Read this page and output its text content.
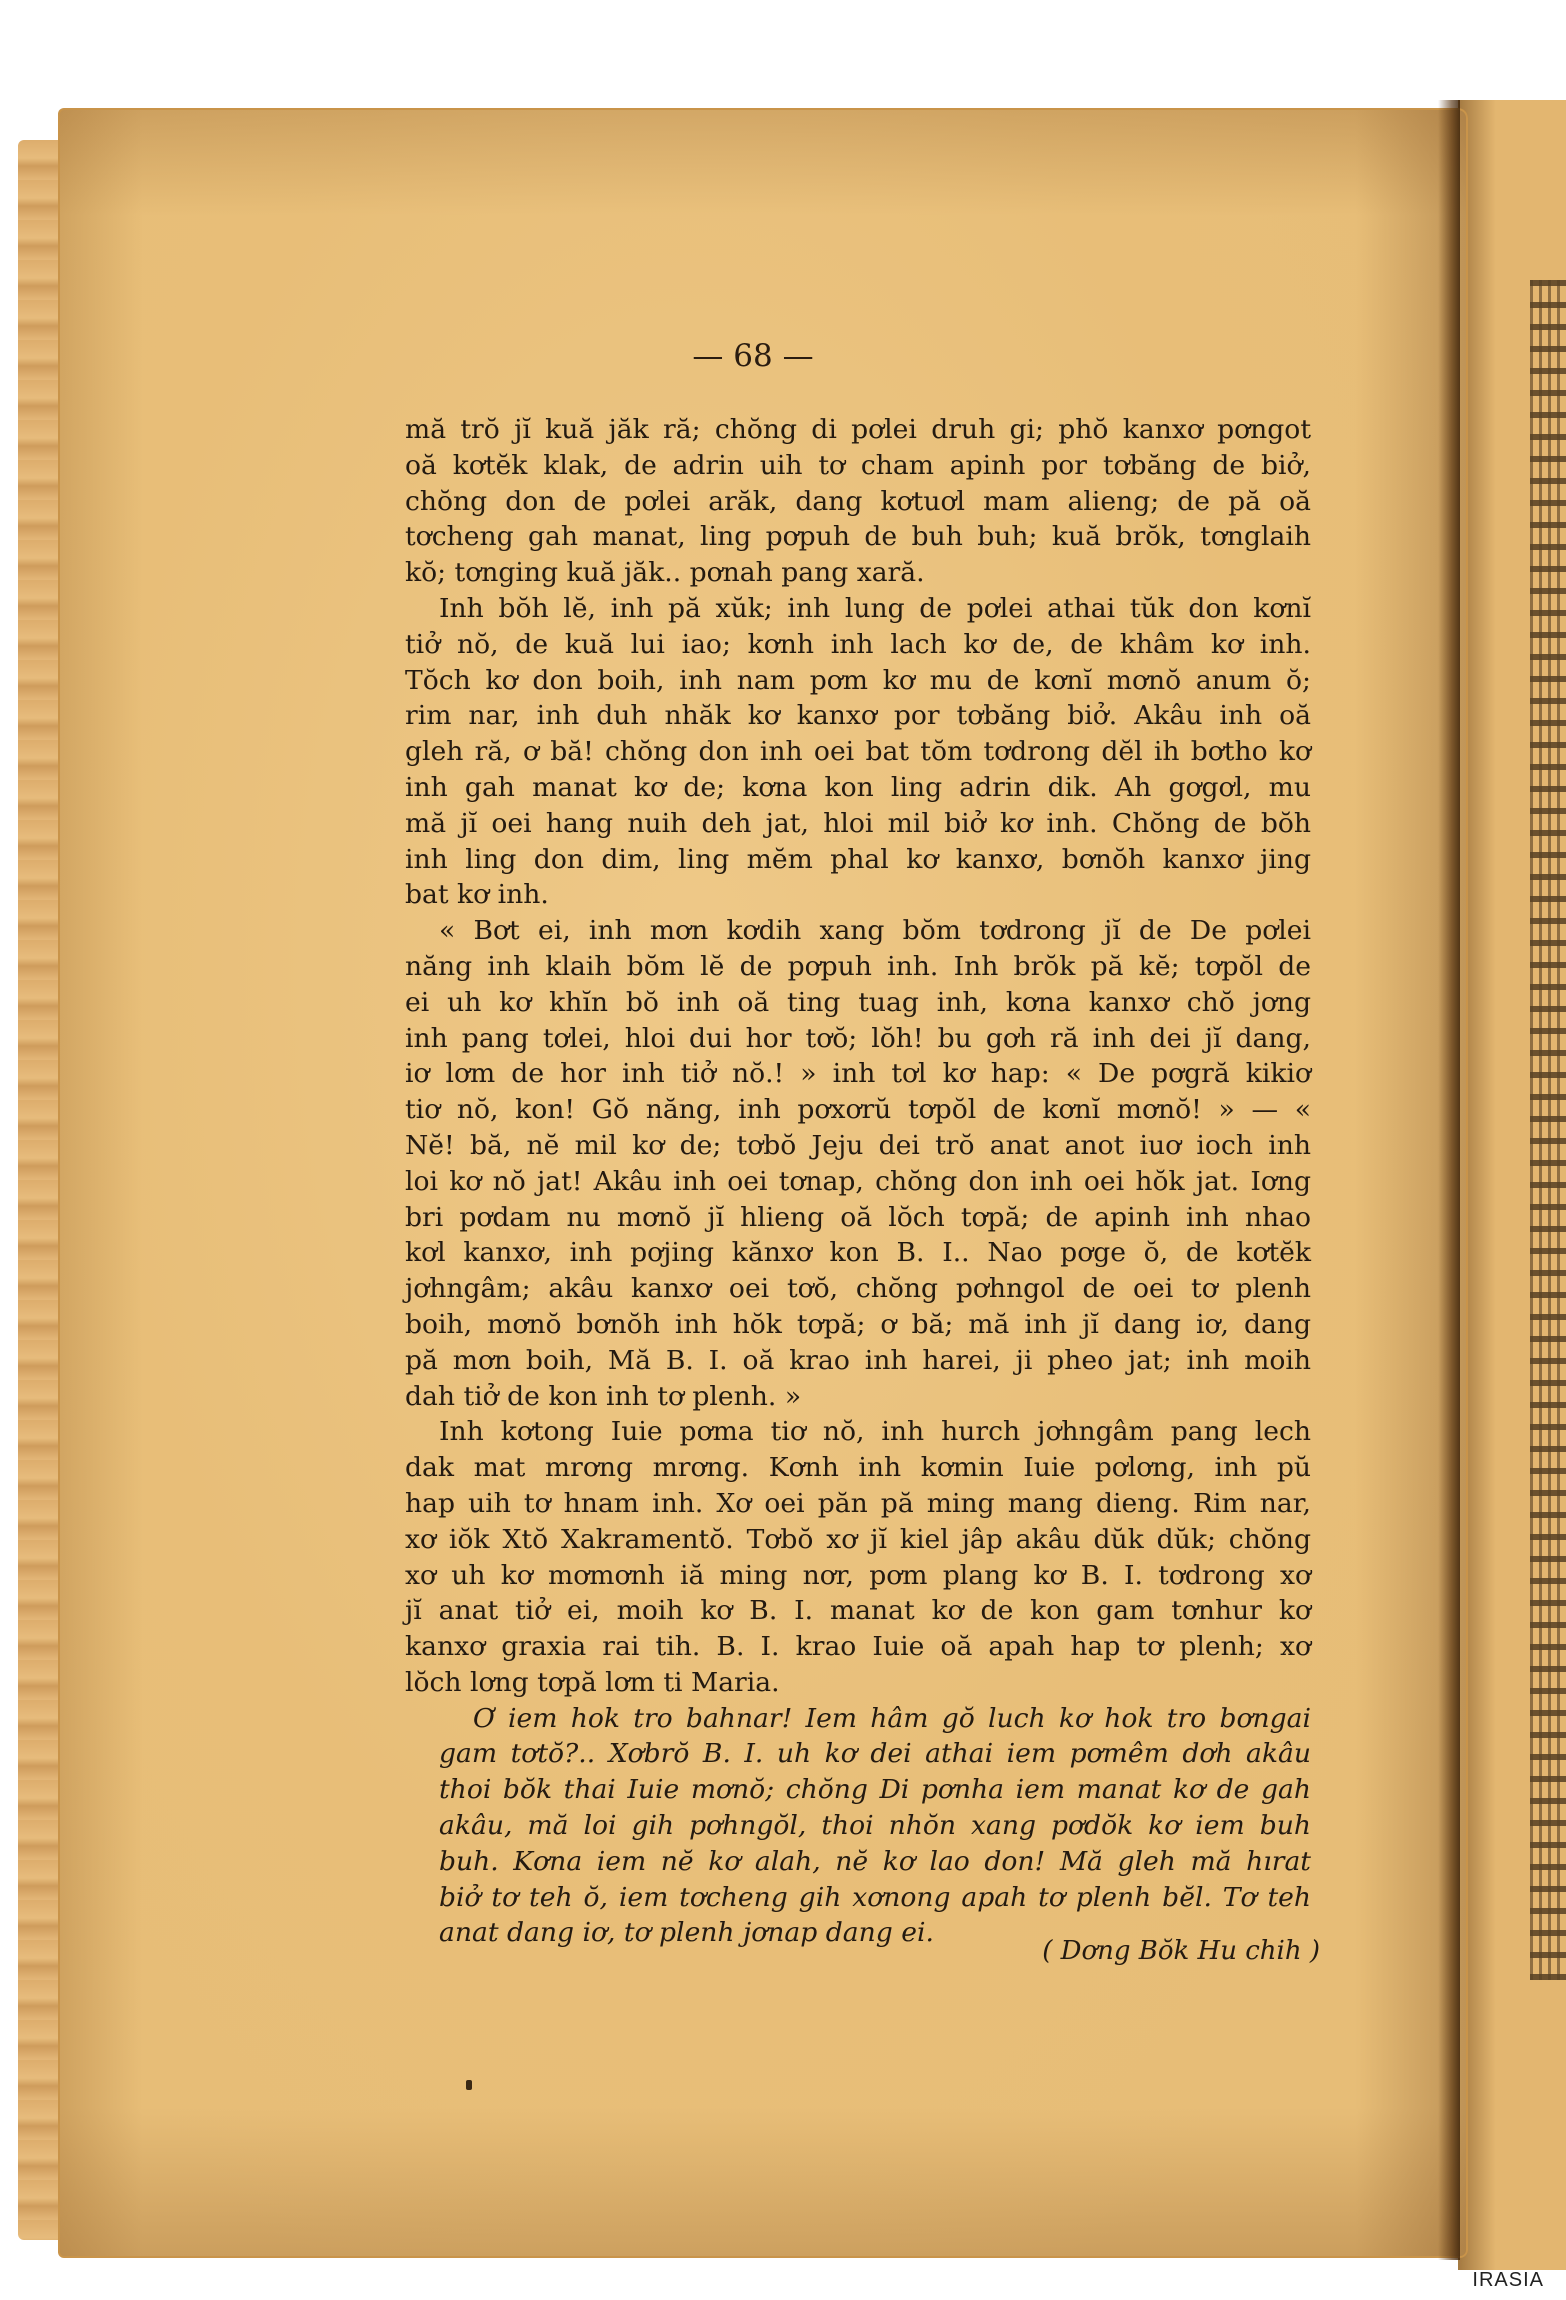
— 68 —

mă trŏ jĭ kuă jăk ră; chŏng di pơlei druh gi; phŏ kanxơ pơngot
oă kơtĕk klak, de adrin uih tơ cham apinh por tơbăng de biở,
chŏng don de pơlei arăk, dang kơtuơl mam alieng; de pă oă
tơcheng gah manat, ling pơpuh de buh buh; kuă brŏk, tơnglaih
kŏ; tơnging kuă jăk.. pơnah pang xară.

Inh bŏh lĕ, inh pă xŭk; inh lung de pơlei athai tŭk don kơnĭ
tiở nŏ, de kuă lui iao; kơnh inh lach kơ de, de khâm kơ inh.
Tŏch kơ don boih, inh nam pơm kơ mu de kơnĭ mơnŏ anum ŏ;
rim nar, inh duh nhăk kơ kanxơ por tơbăng biở. Akâu inh oă
gleh ră, ơ bă! chŏng don inh oei bat tŏm tơdrong dĕl ih bơtho kơ
inh gah manat kơ de; kơna kon ling adrin dik. Ah gơgơl, mu
mă jĭ oei hang nuih deh jat, hloi mil biở kơ inh. Chŏng de bŏh
inh ling don dim, ling mĕm phal kơ kanxơ, bơnŏh kanxơ jing
bat kơ inh.

« Bơt ei, inh mơn kơdih xang bŏm tơdrong jĭ de De pơlei
năng inh klaih bŏm lĕ de pơpuh inh. Inh brŏk pă kĕ; tơpŏl de
ei uh kơ khĭn bŏ inh oă ting tuag inh, kơna kanxơ chŏ jơng
inh pang tơlei, hloi dui hor tơŏ; lŏh! bu gơh ră inh dei jĭ dang,
iơ lơm de hor inh tiở nŏ.! » inh tơl kơ hap: « De pơgră kikiơ
tiơ nŏ, kon! Gŏ năng, inh pơxơrŭ tơpŏl de kơnĭ mơnŏ! » — «
Nĕ! bă, nĕ mil kơ de; tơbŏ Jeju dei trŏ anat anot iuơ ioch inh
loi kơ nŏ jat! Akâu inh oei tơnap, chŏng don inh oei hŏk jat. Iơng
bri pơdam nu mơnŏ jĭ hlieng oă lŏch tơpă; de apinh inh nhao
kơl kanxơ, inh pơjing kănxơ kon B. I.. Nao pơge ŏ, de kơtĕk
jơhngâm; akâu kanxơ oei tơŏ, chŏng pơhngol de oei tơ plenh
boih, mơnŏ bơnŏh inh hŏk tơpă; ơ bă; mă inh jĭ dang iơ, dang
pă mơn boih, Mă B. I. oă krao inh harei, ji pheo jat; inh moih
dah tiở de kon inh tơ plenh. »

Inh kơtong Iuie pơma tiơ nŏ, inh hurch jơhngâm pang lech
dak mat mrơng mrơng. Kơnh inh kơmin Iuie pơlơng, inh pŭ
hap uih tơ hnam inh. Xơ oei păn pă ming mang dieng. Rim nar,
xơ iŏk Xtŏ Xakramentŏ. Tơbŏ xơ jĭ kiel jâp akâu dŭk dŭk; chŏng
xơ uh kơ mơmơnh iă ming nơr, pơm plang kơ B. I. tơdrong xơ
jĭ anat tiở ei, moih kơ B. I. manat kơ de kon gam tơnhur kơ
kanxơ graxia rai tih. B. I. krao Iuie oă apah hap tơ plenh; xơ
lŏch lơng tơpă lơm ti Maria.

Ơ iem hok tro bahnar! Iem hâm gŏ luch kơ hok tro bơngai
gam tơtŏ?.. Xơbrŏ B. I. uh kơ dei athai iem pơmêm dơh akâu
thoi bŏk thai Iuie mơnŏ; chŏng Di pơnha iem manat kơ de gah
akâu, mă loi gih pơhngŏl, thoi nhŏn xang pơdŏk kơ iem buh
buh. Kơna iem nĕ kơ alah, nĕ kơ lao don! Mă gleh mă hırat
biở tơ teh ŏ, iem tơcheng gih xơnong apah tơ plenh bĕl. Tơ teh
anat dang iơ, tơ plenh jơnap dang ei.

( Dơng Bŏk Hu chih )
IRASIA
